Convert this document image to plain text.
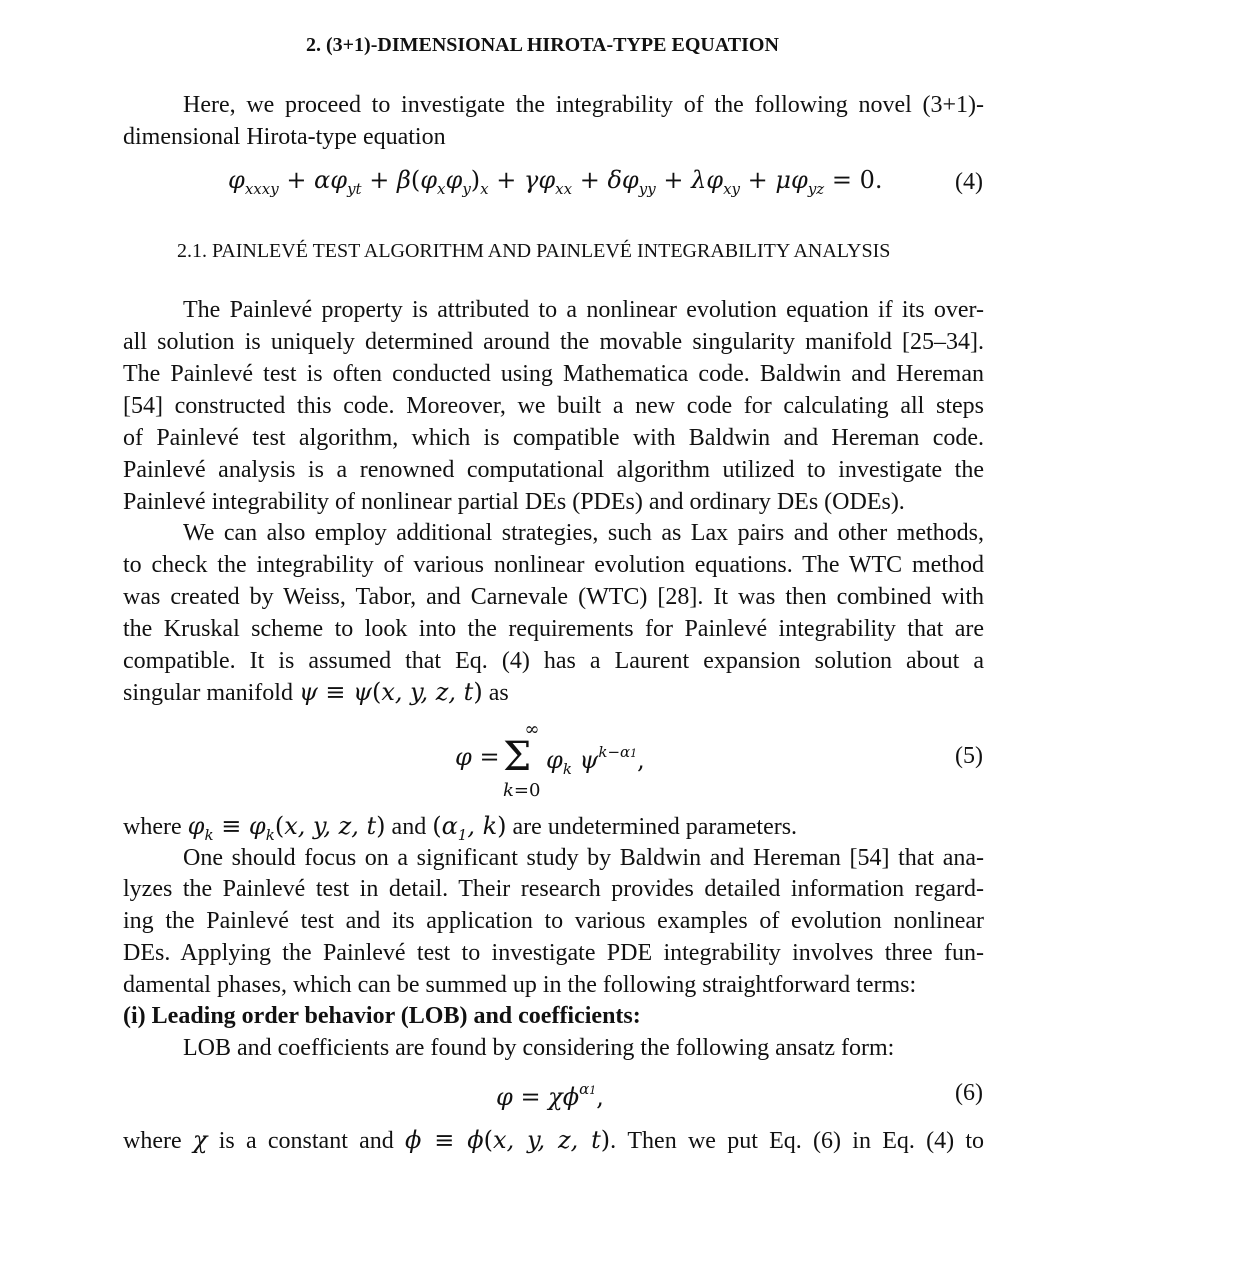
2. (3+1)-DIMENSIONAL HIROTA-TYPE EQUATION
Here, we proceed to investigate the integrability of the following novel (3+1)-
dimensional Hirota-type equation
$\varphi_{xxxy} + \alpha\varphi_{yt} + \beta(\varphi_x\varphi_y)_x + \gamma\varphi_{xx} + \delta\varphi_{yy} + \lambda\varphi_{xy} + \mu\varphi_{yz} = 0$.	(4)
2.1. PAINLEVÉ TEST ALGORITHM AND PAINLEVÉ INTEGRABILITY ANALYSIS
The Painlevé property is attributed to a nonlinear evolution equation if its over-
all solution is uniquely determined around the movable singularity manifold [25–34].
The Painlevé test is often conducted using Mathematica code. Baldwin and Hereman
[54] constructed this code. Moreover, we built a new code for calculating all steps
of Painlevé test algorithm, which is compatible with Baldwin and Hereman code.
Painlevé analysis is a renowned computational algorithm utilized to investigate the
Painlevé integrability of nonlinear partial DEs (PDEs) and ordinary DEs (ODEs).
We can also employ additional strategies, such as Lax pairs and other methods,
to check the integrability of various nonlinear evolution equations. The WTC method
was created by Weiss, Tabor, and Carnevale (WTC) [28]. It was then combined with
the Kruskal scheme to look into the requirements for Painlevé integrability that are
compatible. It is assumed that Eq. (4) has a Laurent expansion solution about a
singular manifold ψ ≡ ψ(x, y, z, t) as
φ =
∞
Σ
k=0
$\varphi_k$ $\psi^{k-\alpha 1}$,	(5)
where $\varphi_k \equiv \varphi_k(x$, y, z, t) and ($\alpha_1$, k) are undetermined parameters.
One should focus on a significant study by Baldwin and Hereman [54] that ana-
lyzes the Painlevé test in detail. Their research provides detailed information regard-
ing the Painlevé test and its application to various examples of evolution nonlinear
DEs. Applying the Painlevé test to investigate PDE integrability involves three fun-
damental phases, which can be summed up in the following straightforward terms:
(i) Leading order behavior (LOB) and coefficients:
LOB and coefficients are found by considering the following ansatz form:
$\varphi = \chi\phi^{\alpha 1}$,	(6)
where χ is a constant and ϕ ≡ ϕ(x, y, z, t). Then we put Eq. (6) in Eq. (4) to
